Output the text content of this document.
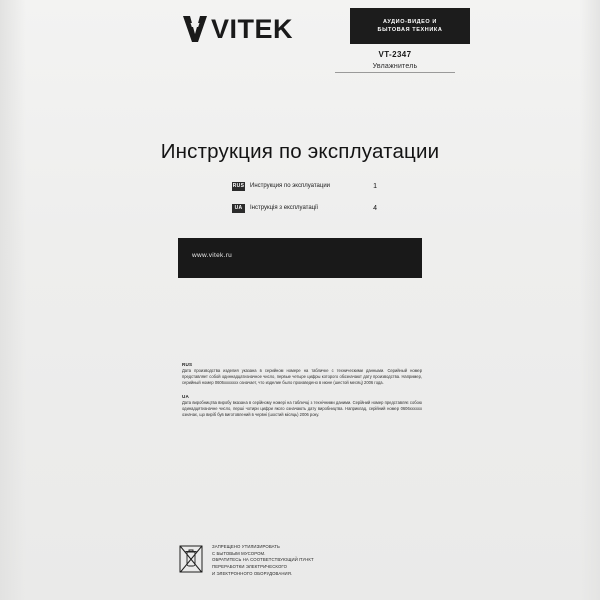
VITEK	АУДИО-ВИДЕО И
БЫТОВАЯ ТЕХНИКА
VT-2347
Увлажнитель
Инструкция по эксплуатации
RUS Инструкция по эксплуатации	1
UA	Інструкція з експлуатації	4
www.vitek.ru
RUS
Дата производства изделия указана в серийном номере на табличке с техническими данными. Серийный номер представляет собой одиннадцатизначное число, первые четыре цифры которого обозначают дату производства. Например, серийный номер 0606xxxxxxx означает, что изделие было произведено в июне (шестой месяц) 2006 года.
UA
Дата виробництва виробу вказана в серійному номері на табличці з технічними даними. Серійний номер представляє собою одинадцятизначне число, перші чотири цифри якого означають дату виробництва. Наприклад, серійний номер 0606хххххх означає, що виріб був виготовлений в червні (шостий місяць) 2006 року.
ЗАПРЕЩЕНО УТИЛИЗИРОВАТЬ
С БЫТОВЫМ МУСОРОМ.
ОБРАТИТЕСЬ НА СООТВЕТСТВУЮЩИЙ ПУНКТ
ПЕРЕРАБОТКИ ЭЛЕКТРИЧЕСКОГО
И ЭЛЕКТРОННОГО ОБОРУДОВАНИЯ.
